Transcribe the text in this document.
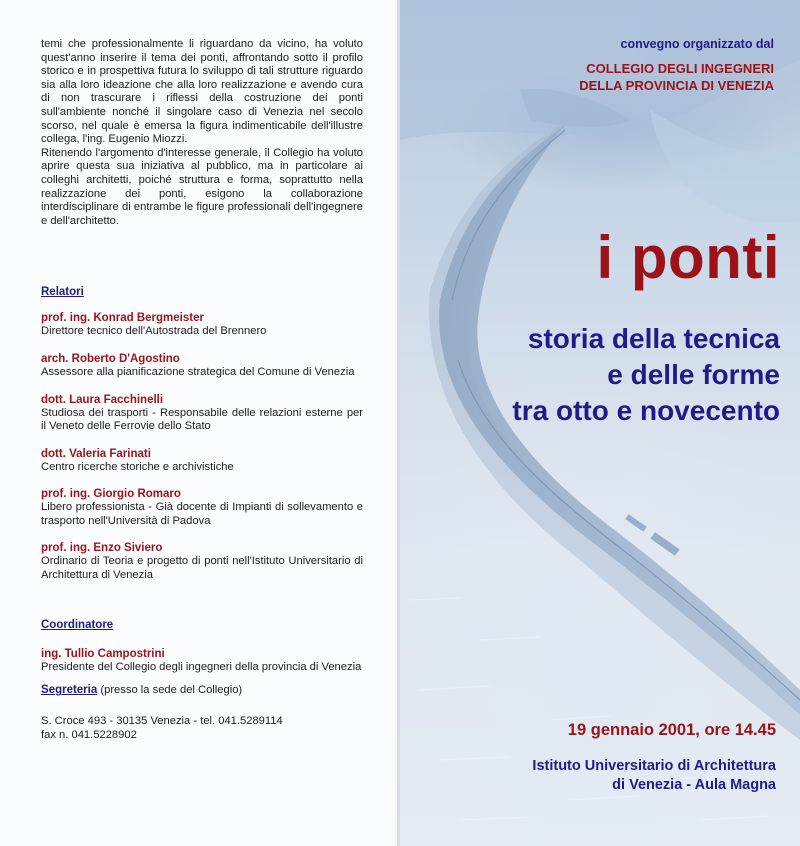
temi che professionalmente li riguardano da vicino, ha voluto quest'anno inserire il tema dei ponti, affrontando sotto il profilo storico e in prospettiva futura lo sviluppo di tali strutture riguardo sia alla loro ideazione che alla loro realizzazione e avendo cura di non trascurare i riflessi della costruzione dei ponti sull'ambiente nonché il singolare caso di Venezia nel secolo scorso, nel quale è emersa la figura indimenticabile dell'illustre collega, l'ing. Eugenio Miozzi.

Ritenendo l'argomento d'interesse generale, il Collegio ha voluto aprire questa sua iniziativa al pubblico, ma in particolare ai colleghi architetti, poiché struttura e forma, soprattutto nella realizzazione dei ponti, esigono la collaborazione interdisciplinare di entrambe le figure professionali dell'ingegnere e dell'architetto.

Relatori
prof. ing. Konrad Bergmeister
Direttore tecnico dell'Autostrada del Brennero
arch. Roberto D'Agostino
Assessore alla pianificazione strategica del Comune di Venezia
dott. Laura Facchinelli
Studiosa dei trasporti - Responsabile delle relazioni esterne per il Veneto delle Ferrovie dello Stato
dott. Valeria Farinati
Centro ricerche storiche e archivistiche
prof. ing. Giorgio Romaro
Libero professionista - Già docente di Impianti di sollevamento e trasporto nell'Università di Padova
prof. ing. Enzo Siviero
Ordinario di Teoria e progetto di ponti nell'Istituto Universitario di Architettura di Venezia
Coordinatore
ing. Tullio Campostrini
Presidente del Collegio degli ingegneri della provincia di Venezia
Segreteria (presso la sede del Collegio)
S. Croce 493 - 30135 Venezia - tel. 041.5289114
fax n. 041.5228902
convegno organizzato dal
COLLEGIO DEGLI INGEGNERI
DELLA PROVINCIA DI VENEZIA
i ponti
storia della tecnica
e delle forme
tra otto e novecento
19 gennaio 2001, ore 14.45
Istituto Universitario di Architettura
di Venezia - Aula Magna
